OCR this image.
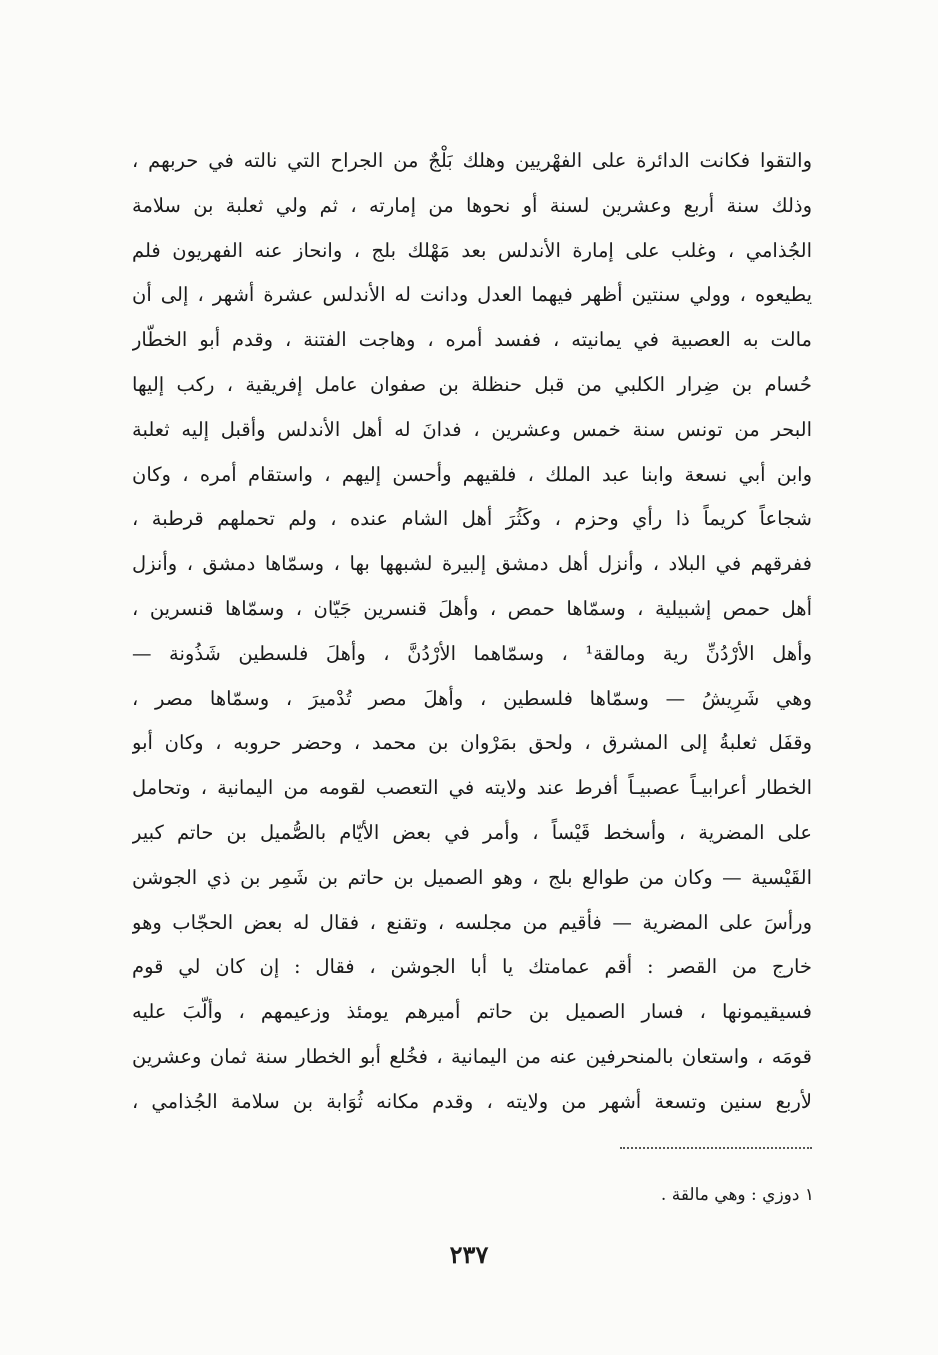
والتقوا فكانت الدائرة على الفهْريين وهلك بَلْجٌ من الجراح التي نالته في حربهم ،
وذلك سنة أربع وعشرين لسنة أو نحوها من إمارته ، ثم ولي ثعلبة بن سلامة
الجُذامي ، وغلب على إمارة الأندلس بعد مَهْلك بلج ، وانحاز عنه الفهريون فلم
يطيعوه ، وولي سنتين أظهر فيهما العدل ودانت له الأندلس عشرة أشهر ، إلى أن
مالت به العصبية في يمانيته ، ففسد أمره ، وهاجت الفتنة ، وقدم أبو الخطّار
حُسام بن ضِرار الكلبي من قبل حنظلة بن صفوان عامل إفريقية ، ركب إليها
البحر من تونس سنة خمس وعشرين ، فدانَ له أهل الأندلس وأقبل إليه ثعلبة
وابن أبي نسعة وابنا عبد الملك ، فلقيهم وأحسن إليهم ، واستقام أمره ، وكان
شجاعاً كريماً ذا رأي وحزم ، وكَثُرَ أهل الشام عنده ، ولم تحملهم قرطبة ،
ففرقهم في البلاد ، وأنزل أهل دمشق إلبيرة لشبهها بها ، وسمّاها دمشق ، وأنزل
أهل حمص إشبيلية ، وسمّاها حمص ، وأهلَ قنسرين جَيّان ، وسمّاها قنسرين ،
وأهل الأرْدُنِّ رية ومالقة¹ ، وسمّاهما الأرْدُنَّ ، وأهلَ فلسطين شَذُونة —
وهي شَرِيشُ — وسمّاها فلسطين ، وأهلَ مصر تُدْميرَ ، وسمّاها مصر ،
وقفَل ثعلبةُ إلى المشرق ، ولحق بمَرْوان بن محمد ، وحضر حروبه ، وكان أبو
الخطار أعرابيـاً عصبيـاً أفرط عند ولايته في التعصب لقومه من اليمانية ، وتحامل
على المضرية ، وأسخط قَيْساً ، وأمر في بعض الأيّام بالصُّميل بن حاتم كبير
القَيْسية — وكان من طوالع بلج ، وهو الصميل بن حاتم بن شَمِر بن ذي الجوشن
ورأسَ على المضرية — فأقيم من مجلسه ، وتقنع ، فقال له بعض الحجّاب وهو
خارج من القصر : أقم عمامتك يا أبا الجوشن ، فقال : إن كان لي قوم
فسيقيمونها ، فسار الصميل بن حاتم أميرهم يومئذ وزعيمهم ، وألّبَ عليه
قومَه ، واستعان بالمنحرفين عنه من اليمانية ، فخُلع أبو الخطار سنة ثمان وعشرين
لأربع سنين وتسعة أشهر من ولايته ، وقدم مكانه ثُوَابة بن سلامة الجُذامي ،
١ دوزي : وهي مالقة .
٢٣٧
